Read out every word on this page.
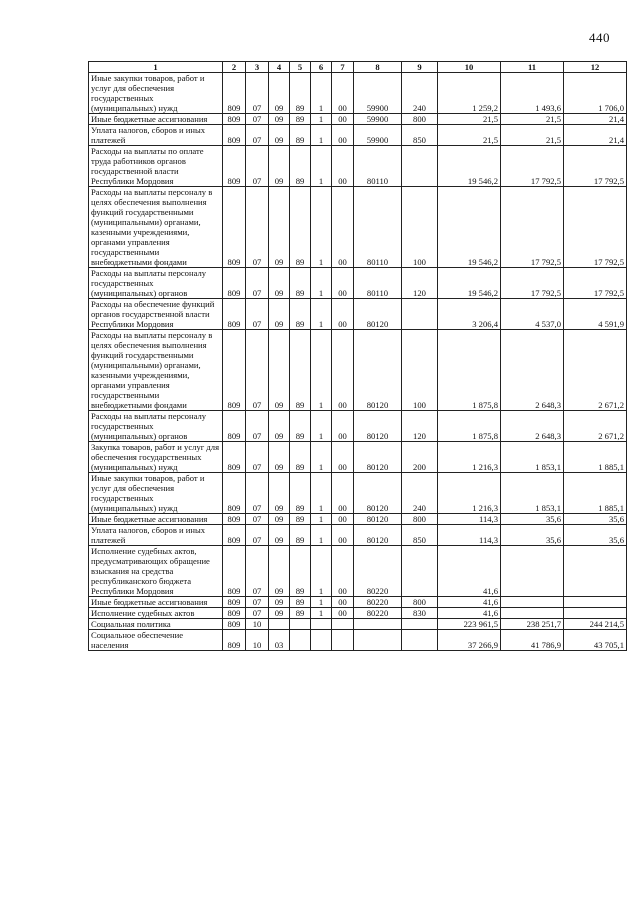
440
1	2	3	4	5	6	7	8	9	10	11	12
Иные закупки товаров, работ и услуг для обеспечения государственных (муниципальных) нужд	809	07	09	89	1	00	59900	240	1 259,2	1 493,6	1 706,0
Иные бюджетные ассигнования	809	07	09	89	1	00	59900	800	21,5	21,5	21,4
Уплата налогов, сборов и иных платежей	809	07	09	89	1	00	59900	850	21,5	21,5	21,4
Расходы на выплаты по оплате труда работников органов государственной власти Республики Мордовия	809	07	09	89	1	00	80110		19 546,2	17 792,5	17 792,5
Расходы на выплаты персоналу в целях обеспечения выполнения функций государственными (муниципальными) органами, казенными учреждениями, органами управления государственными внебюджетными фондами	809	07	09	89	1	00	80110	100	19 546,2	17 792,5	17 792,5
Расходы на выплаты персоналу государственных (муниципальных) органов	809	07	09	89	1	00	80110	120	19 546,2	17 792,5	17 792,5
Расходы на обеспечение функций органов государственной власти Республики Мордовия	809	07	09	89	1	00	80120		3 206,4	4 537,0	4 591,9
Расходы на выплаты персоналу в целях обеспечения выполнения функций государственными (муниципальными) органами, казенными учреждениями, органами управления государственными внебюджетными фондами	809	07	09	89	1	00	80120	100	1 875,8	2 648,3	2 671,2
Расходы на выплаты персоналу государственных (муниципальных) органов	809	07	09	89	1	00	80120	120	1 875,8	2 648,3	2 671,2
Закупка товаров, работ и услуг для обеспечения государственных (муниципальных) нужд	809	07	09	89	1	00	80120	200	1 216,3	1 853,1	1 885,1
Иные закупки товаров, работ и услуг для обеспечения государственных (муниципальных) нужд	809	07	09	89	1	00	80120	240	1 216,3	1 853,1	1 885,1
Иные бюджетные ассигнования	809	07	09	89	1	00	80120	800	114,3	35,6	35,6
Уплата налогов, сборов и иных платежей	809	07	09	89	1	00	80120	850	114,3	35,6	35,6
Исполнение судебных актов, предусматривающих обращение взыскания на средства республиканского бюджета Республики Мордовия	809	07	09	89	1	00	80220		41,6		
Иные бюджетные ассигнования	809	07	09	89	1	00	80220	800	41,6		
Исполнение судебных актов	809	07	09	89	1	00	80220	830	41,6		
Социальная политика	809	10							223 961,5	238 251,7	244 214,5
Социальное обеспечение населения	809	10	03						37 266,9	41 786,9	43 705,1
